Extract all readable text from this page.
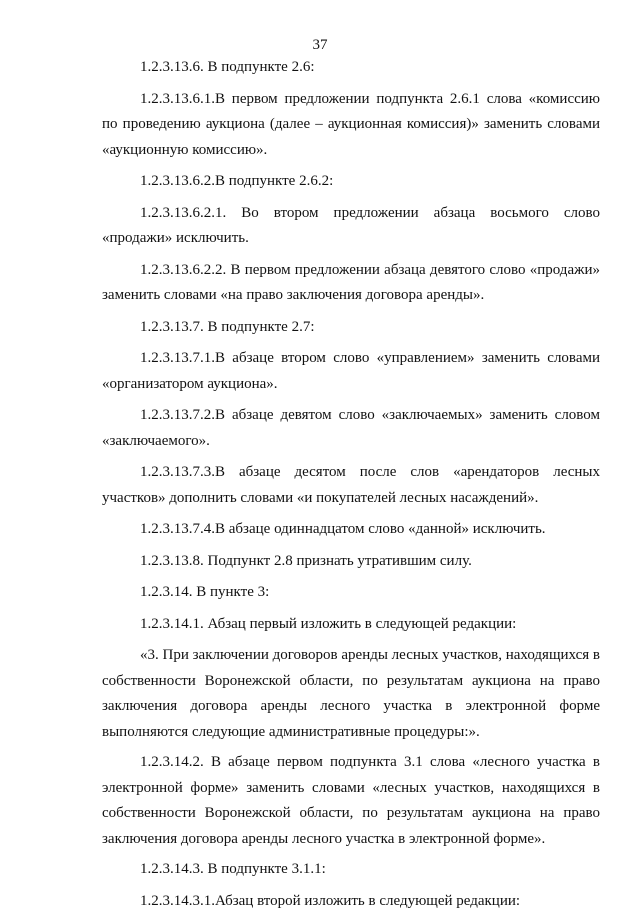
37

1.2.3.13.6. В подпункте 2.6:

1.2.3.13.6.1.В первом предложении подпункта 2.6.1 слова «комиссию по проведению аукциона (далее – аукционная комиссия)» заменить словами «аукционную комиссию».

1.2.3.13.6.2.В подпункте 2.6.2:

1.2.3.13.6.2.1. Во втором предложении абзаца восьмого слово «продажи» исключить.

1.2.3.13.6.2.2. В первом предложении абзаца девятого слово «продажи» заменить словами «на право заключения договора аренды».

1.2.3.13.7. В подпункте 2.7:

1.2.3.13.7.1.В абзаце втором слово «управлением» заменить словами «организатором аукциона».

1.2.3.13.7.2.В абзаце девятом слово «заключаемых» заменить словом «заключаемого».

1.2.3.13.7.3.В абзаце десятом после слов «арендаторов лесных участков» дополнить словами «и покупателей лесных насаждений».

1.2.3.13.7.4.В абзаце одиннадцатом слово «данной» исключить.

1.2.3.13.8. Подпункт 2.8 признать утратившим силу.

1.2.3.14. В пункте 3:

1.2.3.14.1. Абзац первый изложить в следующей редакции:

«3. При заключении договоров аренды лесных участков, находящихся в собственности Воронежской области, по результатам аукциона на право заключения договора аренды лесного участка в электронной форме выполняются следующие административные процедуры:».

1.2.3.14.2. В абзаце первом подпункта 3.1 слова «лесного участка в электронной форме» заменить словами «лесных участков, находящихся в собственности Воронежской области, по результатам аукциона на право заключения договора аренды лесного участка в электронной форме».

1.2.3.14.3. В подпункте 3.1.1:

1.2.3.14.3.1.Абзац второй изложить в следующей редакции:
